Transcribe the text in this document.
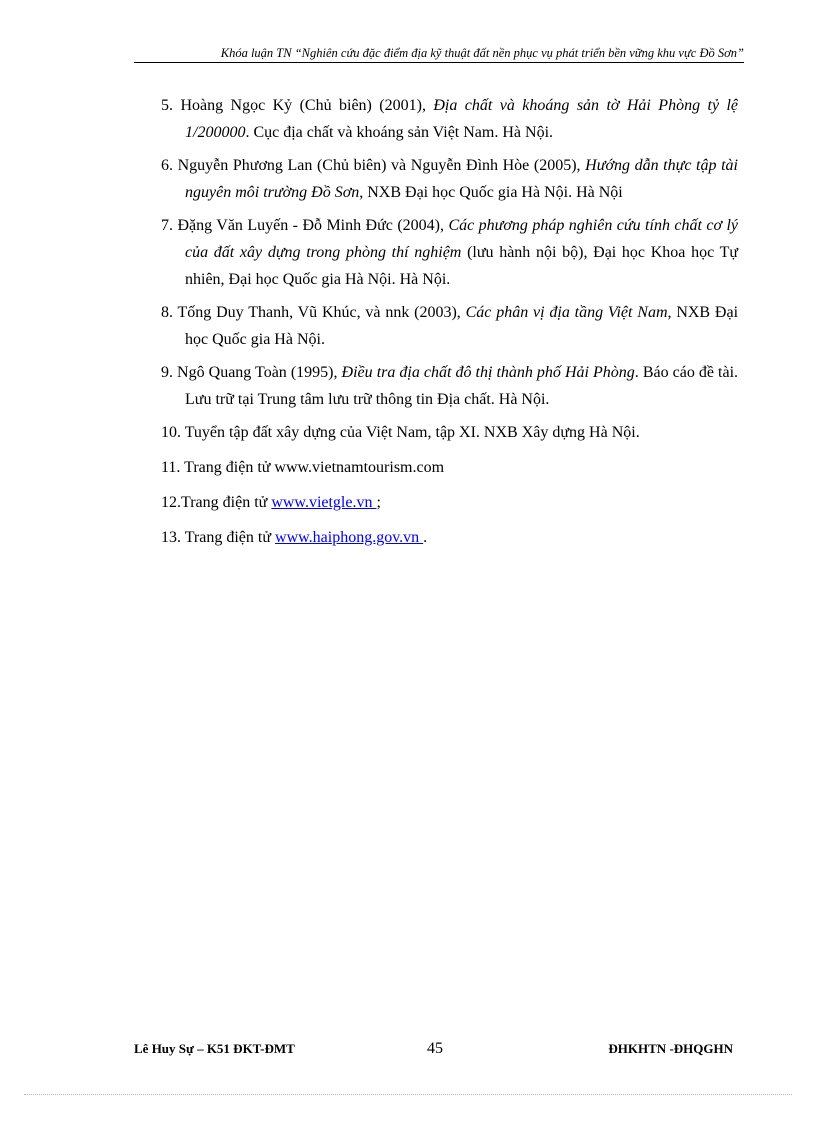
Khóa luận TN “Nghiên cứu đặc điểm địa kỹ thuật đất nền phục vụ phát triển bền vững khu vực Đồ Sơn”

5. Hoàng Ngọc Kỷ (Chủ biên) (2001), Địa chất và khoáng sản tờ Hải Phòng tỷ lệ 1/200000. Cục địa chất và khoáng sản Việt Nam. Hà Nội.

6. Nguyễn Phương Lan (Chủ biên) và Nguyễn Đình Hòe (2005), Hướng dẫn thực tập tài nguyên môi trường Đồ Sơn, NXB Đại học Quốc gia Hà Nội. Hà Nội

7. Đặng Văn Luyến - Đỗ Minh Đức (2004), Các phương pháp nghiên cứu tính chất cơ lý của đất xây dựng trong phòng thí nghiệm (lưu hành nội bộ), Đại học Khoa học Tự nhiên, Đại học Quốc gia Hà Nội. Hà Nội.

8. Tống Duy Thanh, Vũ Khúc, và nnk (2003), Các phân vị địa tầng Việt Nam, NXB Đại học Quốc gia Hà Nội.

9. Ngô Quang Toàn (1995), Điều tra địa chất đô thị thành phố Hải Phòng. Báo cáo đề tài. Lưu trữ tại Trung tâm lưu trữ thông tin Địa chất. Hà Nội.

10. Tuyển tập đất xây dựng của Việt Nam, tập XI. NXB Xây dựng Hà Nội.

11. Trang điện tử www.vietnamtourism.com

12.Trang điện tử www.vietgle.vn ;

13. Trang điện tử www.haiphong.gov.vn .

Lê Huy Sự – K51 ĐKT-ĐMT	45	ĐHKHTN -ĐHQGHN
